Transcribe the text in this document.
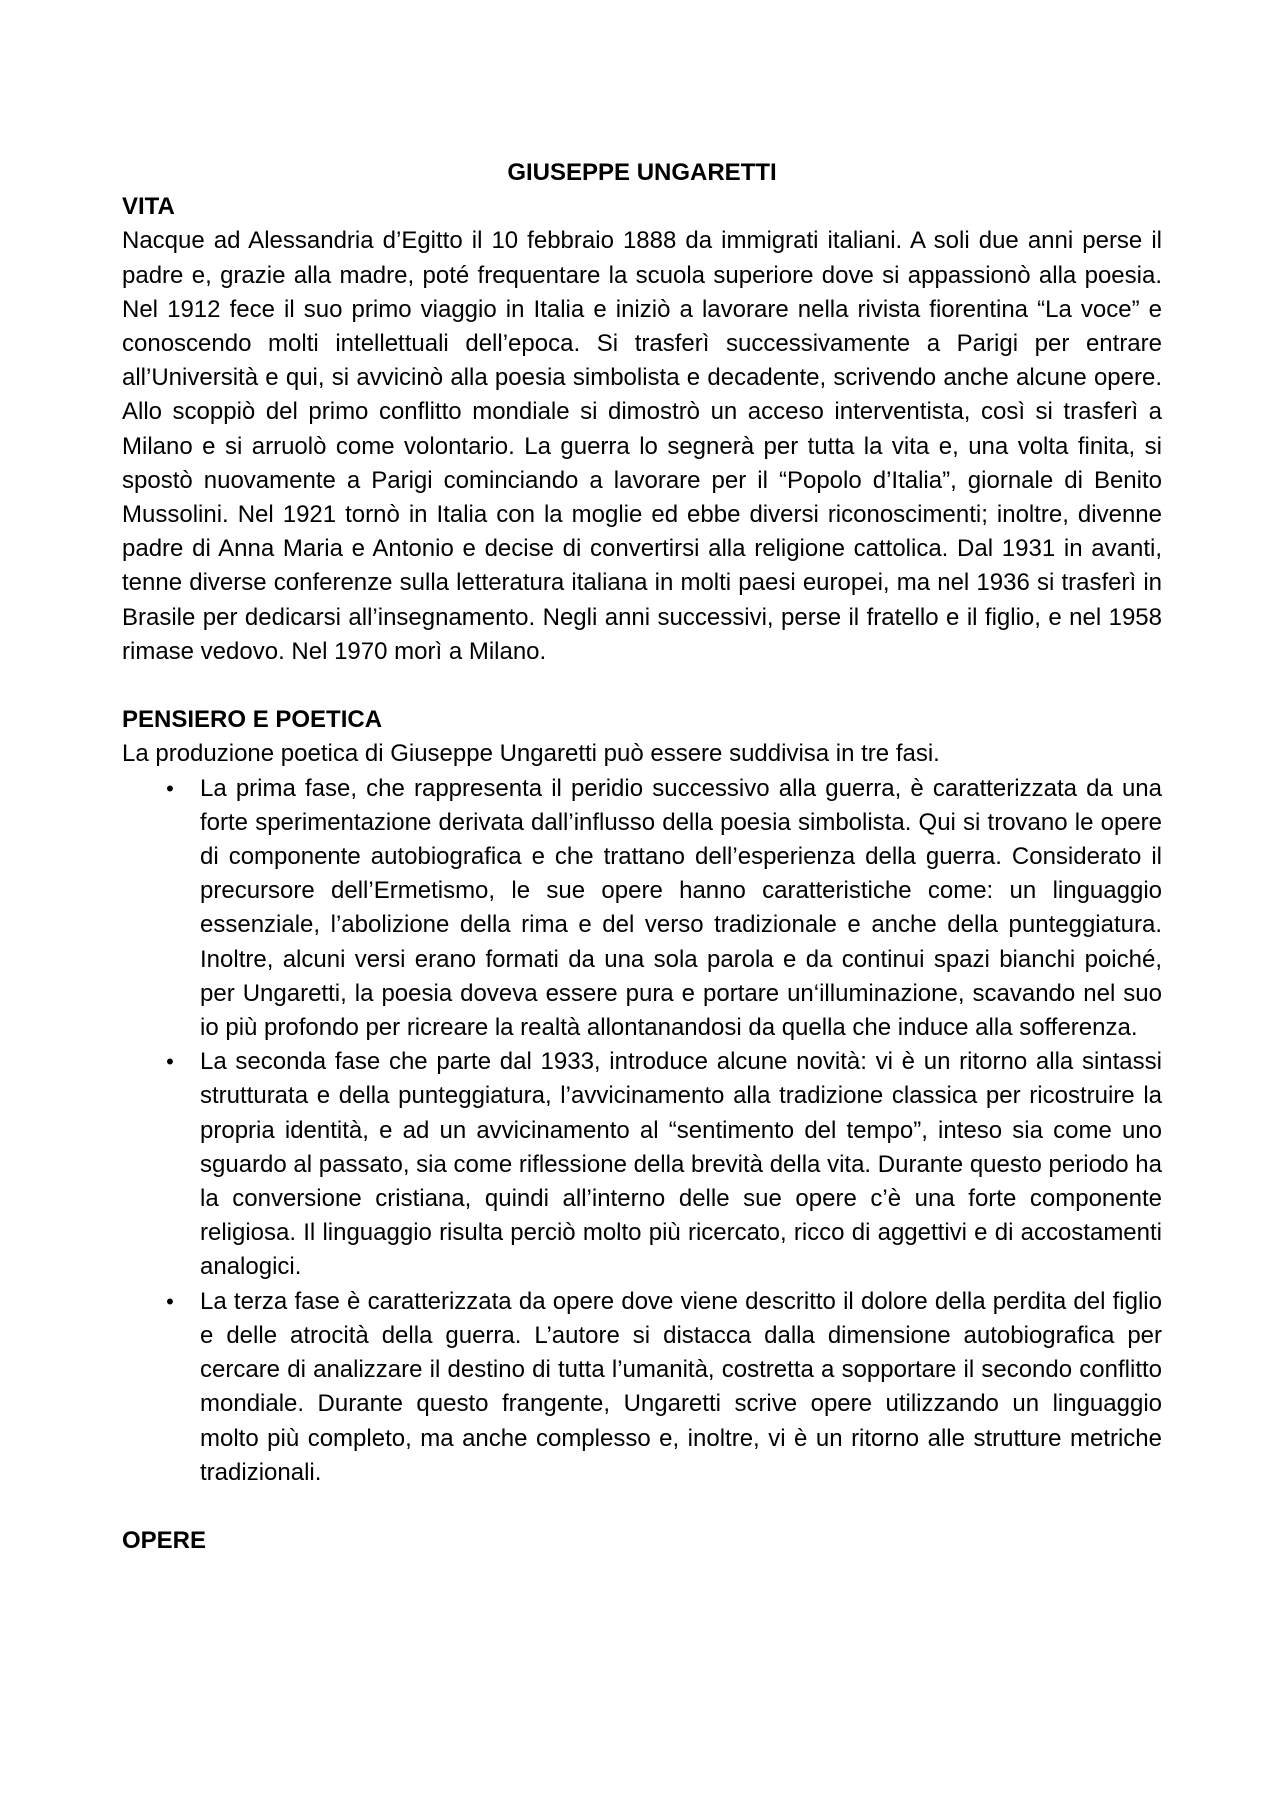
GIUSEPPE UNGARETTI
VITA

Nacque ad Alessandria d’Egitto il 10 febbraio 1888 da immigrati italiani. A soli due anni perse il padre e, grazie alla madre, poté frequentare la scuola superiore dove si appassionò alla poesia. Nel 1912 fece il suo primo viaggio in Italia e iniziò a lavorare nella rivista fiorentina “La voce” e conoscendo molti intellettuali dell’epoca. Si trasferì successivamente a Parigi per entrare all’Università e qui, si avvicinò alla poesia simbolista e decadente, scrivendo anche alcune opere. Allo scoppiò del primo conflitto mondiale si dimostrò un acceso interventista, così si trasferì a Milano e si arruolò come volontario. La guerra lo segnerà per tutta la vita e, una volta finita, si spostò nuovamente a Parigi cominciando a lavorare per il “Popolo d’Italia”, giornale di Benito Mussolini. Nel 1921 tornò in Italia con la moglie ed ebbe diversi riconoscimenti; inoltre, divenne padre di Anna Maria e Antonio e decise di convertirsi alla religione cattolica. Dal 1931 in avanti, tenne diverse conferenze sulla letteratura italiana in molti paesi europei, ma nel 1936 si trasferì in Brasile per dedicarsi all’insegnamento. Negli anni successivi, perse il fratello e il figlio, e nel 1958 rimase vedovo. Nel 1970 morì a Milano.

PENSIERO E POETICA

La produzione poetica di Giuseppe Ungaretti può essere suddivisa in tre fasi.

• La prima fase, che rappresenta il peridio successivo alla guerra, è caratterizzata da una forte sperimentazione derivata dall’influsso della poesia simbolista. Qui si trovano le opere di componente autobiografica e che trattano dell’esperienza della guerra. Considerato il precursore dell’Ermetismo, le sue opere hanno caratteristiche come: un linguaggio essenziale, l’abolizione della rima e del verso tradizionale e anche della punteggiatura. Inoltre, alcuni versi erano formati da una sola parola e da continui spazi bianchi poiché, per Ungaretti, la poesia doveva essere pura e portare un‘illuminazione, scavando nel suo io più profondo per ricreare la realtà allontanandosi da quella che induce alla sofferenza.
• La seconda fase che parte dal 1933, introduce alcune novità: vi è un ritorno alla sintassi strutturata e della punteggiatura, l’avvicinamento alla tradizione classica per ricostruire la propria identità, e ad un avvicinamento al “sentimento del tempo”, inteso sia come uno sguardo al passato, sia come riflessione della brevità della vita. Durante questo periodo ha la conversione cristiana, quindi all’interno delle sue opere c’è una forte componente religiosa. Il linguaggio risulta perciò molto più ricercato, ricco di aggettivi e di accostamenti analogici.
• La terza fase è caratterizzata da opere dove viene descritto il dolore della perdita del figlio e delle atrocità della guerra. L’autore si distacca dalla dimensione autobiografica per cercare di analizzare il destino di tutta l’umanità, costretta a sopportare il secondo conflitto mondiale. Durante questo frangente, Ungaretti scrive opere utilizzando un linguaggio molto più completo, ma anche complesso e, inoltre, vi è un ritorno alle strutture metriche tradizionali.
OPERE
